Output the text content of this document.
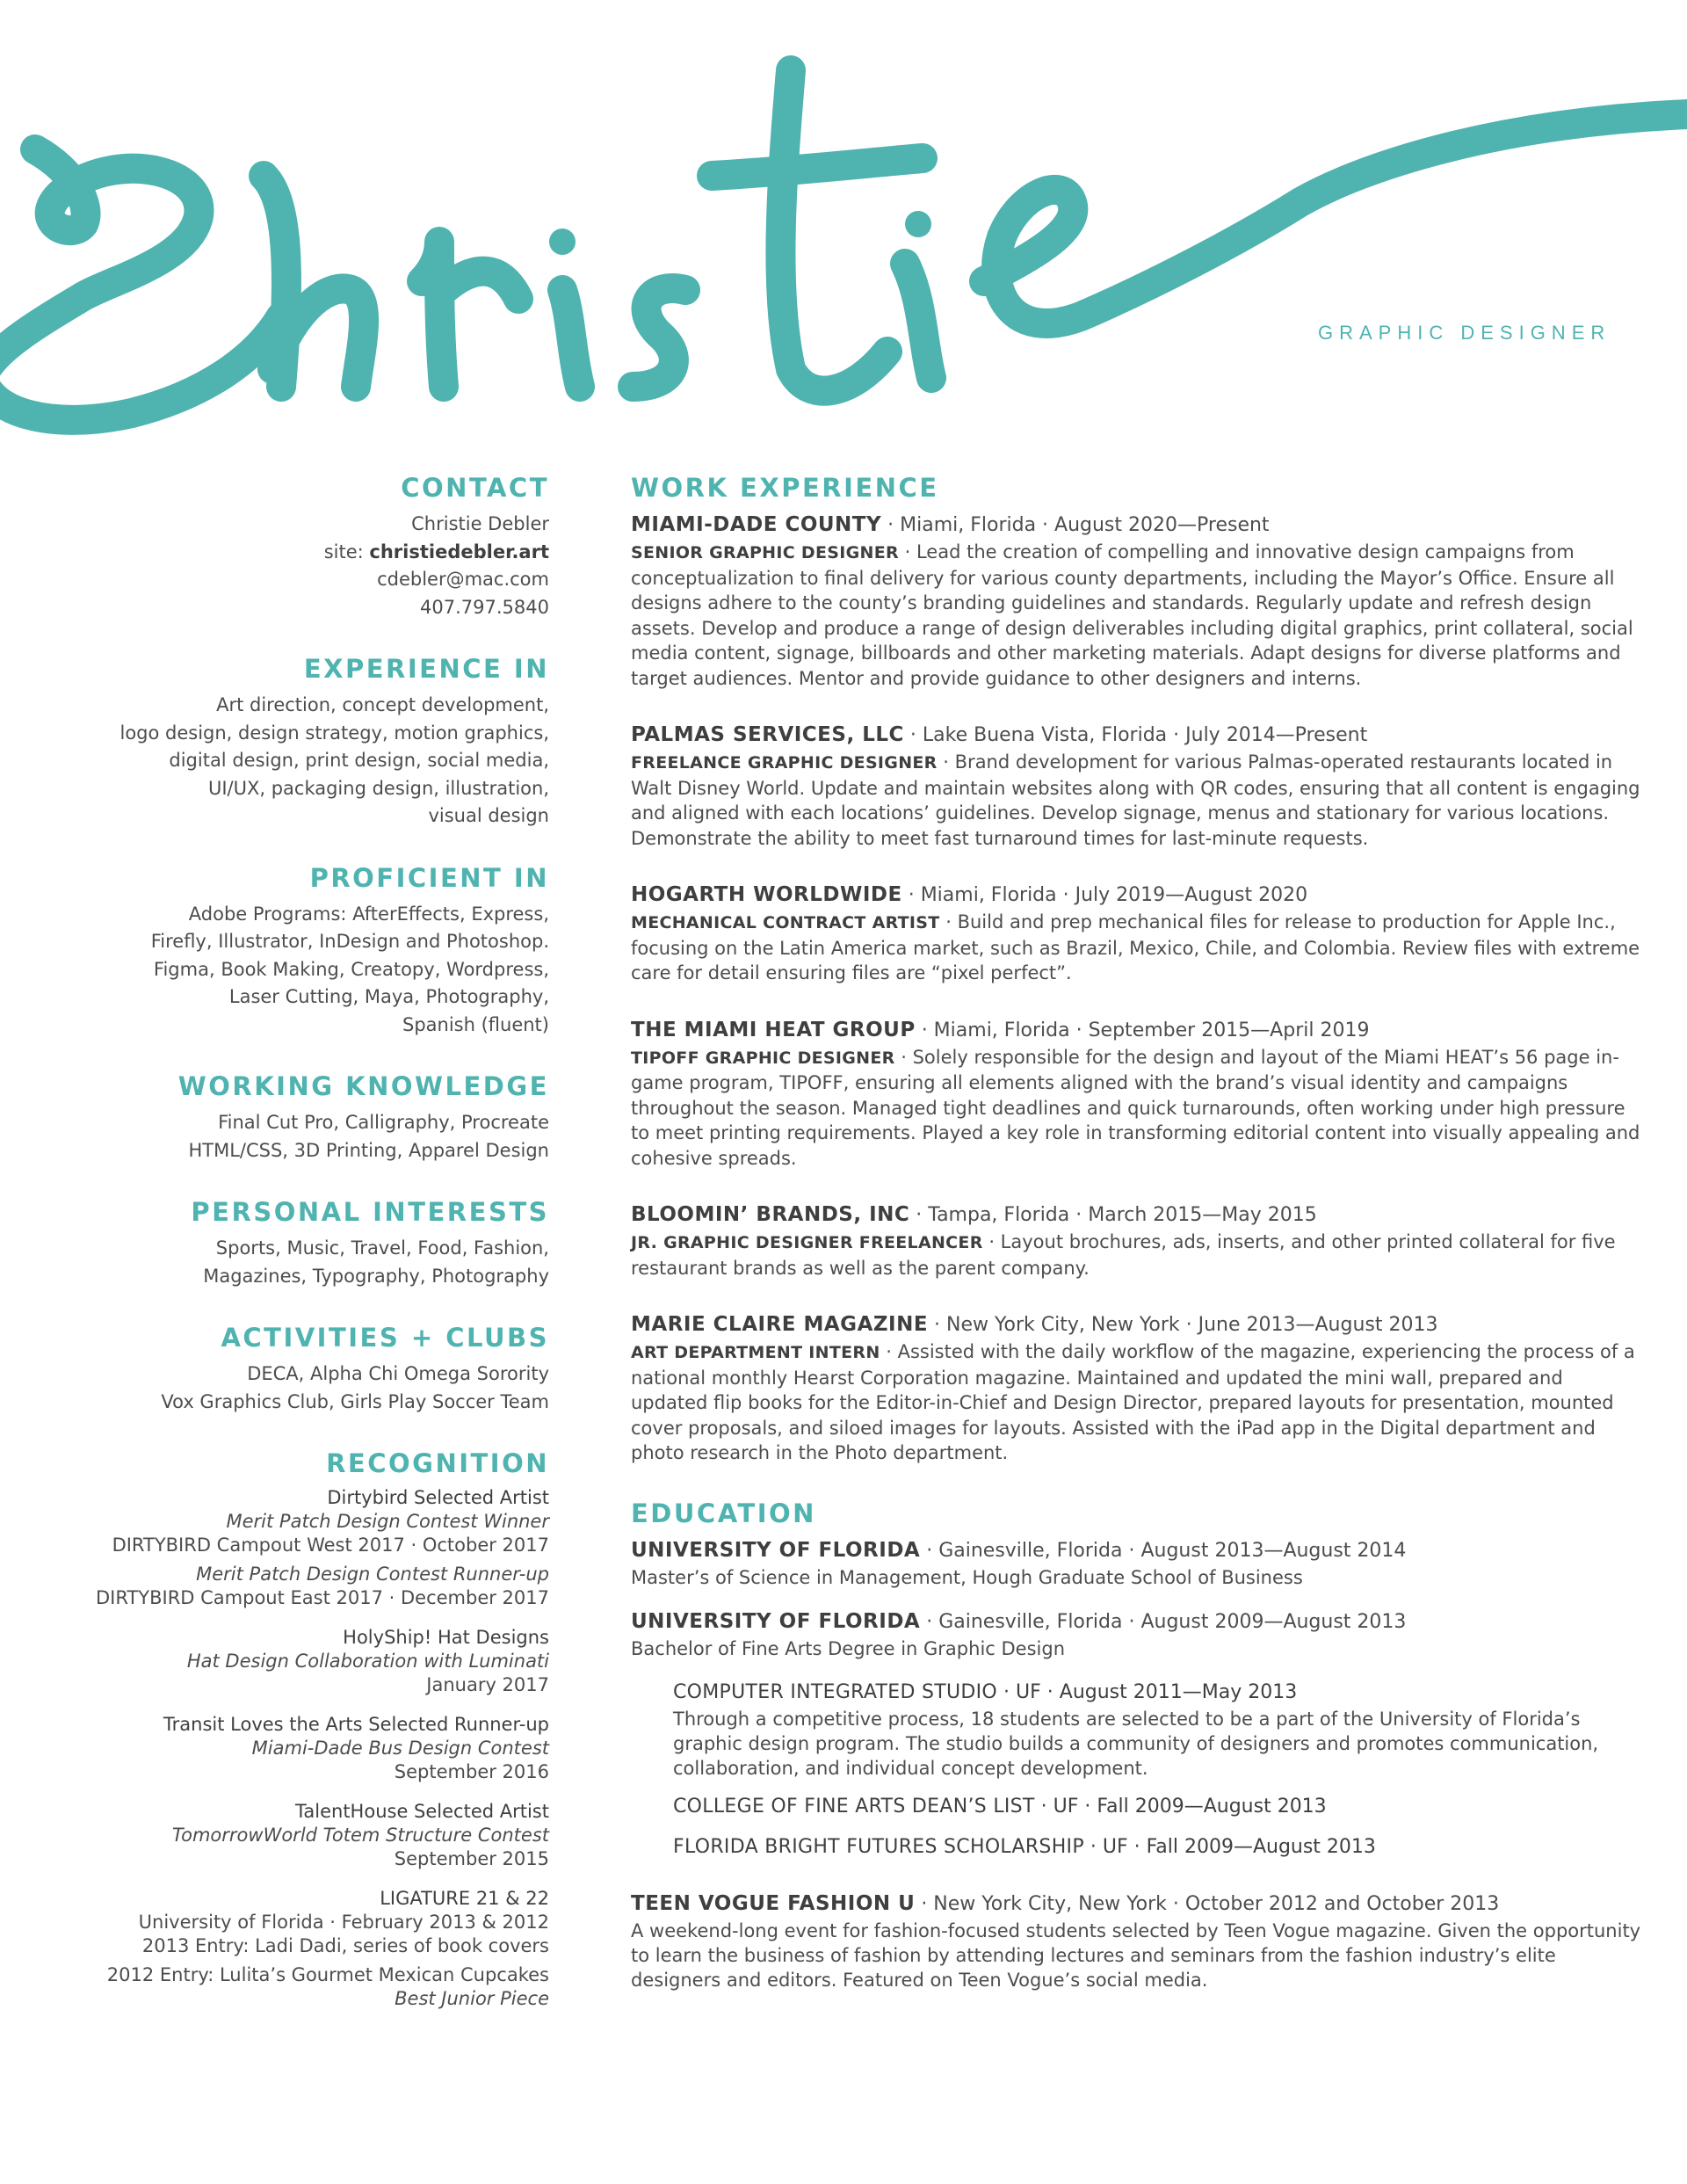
GRAPHIC DESIGNER
CONTACT
Christie Debler
site: christiedebler.art
cdebler@mac.com
407.797.5840
EXPERIENCE IN
Art direction, concept development,
logo design, design strategy, motion graphics,
digital design, print design, social media,
UI/UX, packaging design, illustration,
visual design
PROFICIENT IN
Adobe Programs: AfterEffects, Express,
Firefly, Illustrator, InDesign and Photoshop.
Figma, Book Making, Creatopy, Wordpress,
Laser Cutting, Maya, Photography,
Spanish (fluent)
WORKING KNOWLEDGE
Final Cut Pro, Calligraphy, Procreate
HTML/CSS, 3D Printing, Apparel Design
PERSONAL INTERESTS
Sports, Music, Travel, Food, Fashion,
Magazines, Typography, Photography
ACTIVITIES + CLUBS
DECA, Alpha Chi Omega Sorority
Vox Graphics Club, Girls Play Soccer Team
RECOGNITION
Dirtybird Selected Artist
Merit Patch Design Contest Winner
DIRTYBIRD Campout West 2017 · October 2017
Merit Patch Design Contest Runner-up
DIRTYBIRD Campout East 2017 · December 2017
HolyShip! Hat Designs
Hat Design Collaboration with Luminati
January 2017
Transit Loves the Arts Selected Runner-up
Miami-Dade Bus Design Contest
September 2016
TalentHouse Selected Artist
TomorrowWorld Totem Structure Contest
September 2015
LIGATURE 21 & 22
University of Florida · February 2013 & 2012
2013 Entry: Ladi Dadi, series of book covers
2012 Entry: Lulita’s Gourmet Mexican Cupcakes
Best Junior Piece
WORK EXPERIENCE
MIAMI-DADE COUNTY · Miami, Florida · August 2020—Present
SENIOR GRAPHIC DESIGNER · Lead the creation of compelling and innovative design campaigns from conceptualization to final delivery for various county departments, including the Mayor’s Office. Ensure all designs adhere to the county’s branding guidelines and standards. Regularly update and refresh design assets. Develop and produce a range of design deliverables including digital graphics, print collateral, social media content, signage, billboards and other marketing materials. Adapt designs for diverse platforms and target audiences. Mentor and provide guidance to other designers and interns.
PALMAS SERVICES, LLC · Lake Buena Vista, Florida · July 2014—Present
FREELANCE GRAPHIC DESIGNER · Brand development for various Palmas-operated restaurants located in Walt Disney World. Update and maintain websites along with QR codes, ensuring that all content is engaging and aligned with each locations’ guidelines. Develop signage, menus and stationary for various locations. Demonstrate the ability to meet fast turnaround times for last-minute requests.
HOGARTH WORLDWIDE · Miami, Florida · July 2019—August 2020
MECHANICAL CONTRACT ARTIST · Build and prep mechanical files for release to production for Apple Inc., focusing on the Latin America market, such as Brazil, Mexico, Chile, and Colombia. Review files with extreme care for detail ensuring files are “pixel perfect”.
THE MIAMI HEAT GROUP · Miami, Florida · September 2015—April 2019
TIPOFF GRAPHIC DESIGNER · Solely responsible for the design and layout of the Miami HEAT’s 56 page in-game program, TIPOFF, ensuring all elements aligned with the brand’s visual identity and campaigns throughout the season. Managed tight deadlines and quick turnarounds, often working under high pressure to meet printing requirements. Played a key role in transforming editorial content into visually appealing and cohesive spreads.
BLOOMIN’ BRANDS, INC · Tampa, Florida · March 2015—May 2015
JR. GRAPHIC DESIGNER FREELANCER · Layout brochures, ads, inserts, and other printed collateral for five restaurant brands as well as the parent company.
MARIE CLAIRE MAGAZINE · New York City, New York · June 2013—August 2013
ART DEPARTMENT INTERN · Assisted with the daily workflow of the magazine, experiencing the process of a national monthly Hearst Corporation magazine. Maintained and updated the mini wall, prepared and updated flip books for the Editor-in-Chief and Design Director, prepared layouts for presentation, mounted cover proposals, and siloed images for layouts. Assisted with the iPad app in the Digital department and photo research in the Photo department.
EDUCATION
UNIVERSITY OF FLORIDA · Gainesville, Florida · August 2013—August 2014
Master’s of Science in Management, Hough Graduate School of Business
UNIVERSITY OF FLORIDA · Gainesville, Florida · August 2009—August 2013
Bachelor of Fine Arts Degree in Graphic Design
COMPUTER INTEGRATED STUDIO · UF · August 2011—May 2013
Through a competitive process, 18 students are selected to be a part of the University of Florida’s graphic design program. The studio builds a community of designers and promotes communication, collaboration, and individual concept development.
COLLEGE OF FINE ARTS DEAN’S LIST · UF · Fall 2009—August 2013
FLORIDA BRIGHT FUTURES SCHOLARSHIP · UF · Fall 2009—August 2013
TEEN VOGUE FASHION U · New York City, New York · October 2012 and October 2013
A weekend-long event for fashion-focused students selected by Teen Vogue magazine. Given the opportunity to learn the business of fashion by attending lectures and seminars from the fashion industry’s elite designers and editors. Featured on Teen Vogue’s social media.
